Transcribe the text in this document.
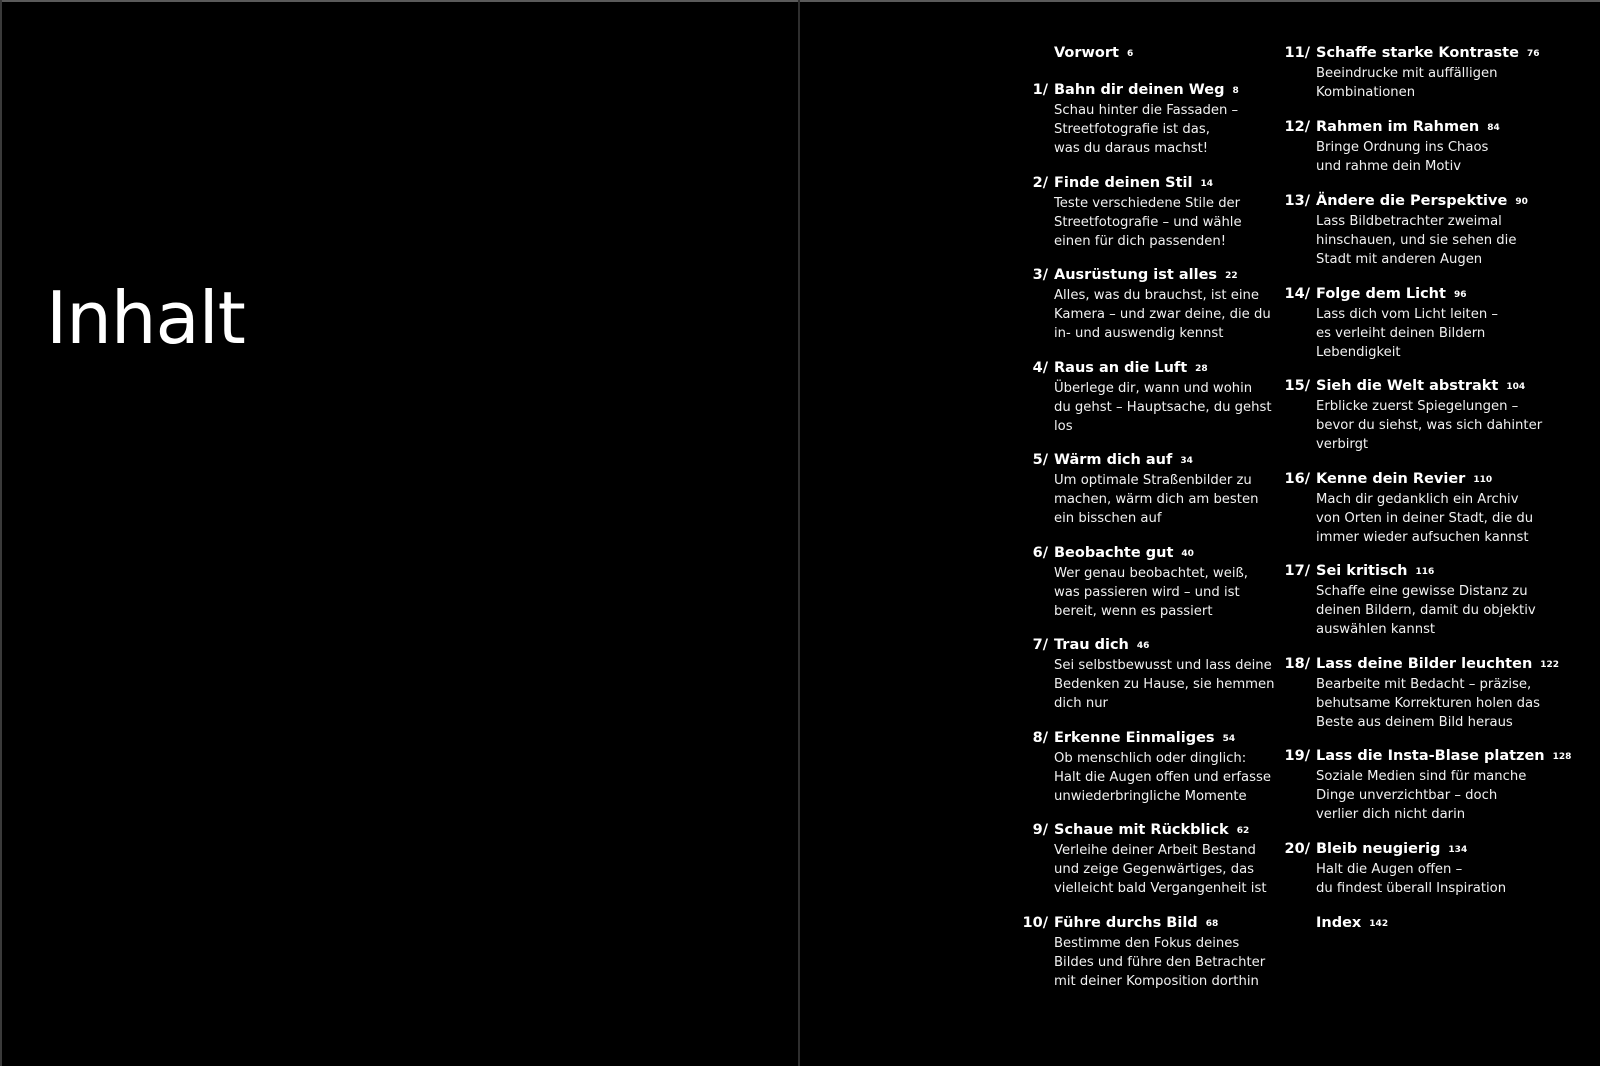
Inhalt
Vorwort 6
1/ Bahn dir deinen Weg 8
Schau hinter die Fassaden –
Streetfotografie ist das,
was du daraus machst!
2/ Finde deinen Stil 14
Teste verschiedene Stile der
Streetfotografie – und wähle
einen für dich passenden!
3/ Ausrüstung ist alles 22
Alles, was du brauchst, ist eine
Kamera – und zwar deine, die du
in- und auswendig kennst
4/ Raus an die Luft 28
Überlege dir, wann und wohin
du gehst – Hauptsache, du gehst
los
5/ Wärm dich auf 34
Um optimale Straßenbilder zu
machen, wärm dich am besten
ein bisschen auf
6/ Beobachte gut 40
Wer genau beobachtet, weiß,
was passieren wird – und ist
bereit, wenn es passiert
7/ Trau dich 46
Sei selbstbewusst und lass deine
Bedenken zu Hause, sie hemmen
dich nur
8/ Erkenne Einmaliges 54
Ob menschlich oder dinglich:
Halt die Augen offen und erfasse
unwiederbringliche Momente
9/ Schaue mit Rückblick 62
Verleihe deiner Arbeit Bestand
und zeige Gegenwärtiges, das
vielleicht bald Vergangenheit ist
10/ Führe durchs Bild 68
Bestimme den Fokus deines
Bildes und führe den Betrachter
mit deiner Komposition dorthin
11/ Schaffe starke Kontraste 76
Beeindrucke mit auffälligen
Kombinationen
12/ Rahmen im Rahmen 84
Bringe Ordnung ins Chaos
und rahme dein Motiv
13/ Ändere die Perspektive 90
Lass Bildbetrachter zweimal
hinschauen, und sie sehen die
Stadt mit anderen Augen
14/ Folge dem Licht 96
Lass dich vom Licht leiten –
es verleiht deinen Bildern
Lebendigkeit
15/ Sieh die Welt abstrakt 104
Erblicke zuerst Spiegelungen –
bevor du siehst, was sich dahinter
verbirgt
16/ Kenne dein Revier 110
Mach dir gedanklich ein Archiv
von Orten in deiner Stadt, die du
immer wieder aufsuchen kannst
17/ Sei kritisch 116
Schaffe eine gewisse Distanz zu
deinen Bildern, damit du objektiv
auswählen kannst
18/ Lass deine Bilder leuchten 122
Bearbeite mit Bedacht – präzise,
behutsame Korrekturen holen das
Beste aus deinem Bild heraus
19/ Lass die Insta-Blase platzen 128
Soziale Medien sind für manche
Dinge unverzichtbar – doch
verlier dich nicht darin
20/ Bleib neugierig 134
Halt die Augen offen –
du findest überall Inspiration
Index 142
